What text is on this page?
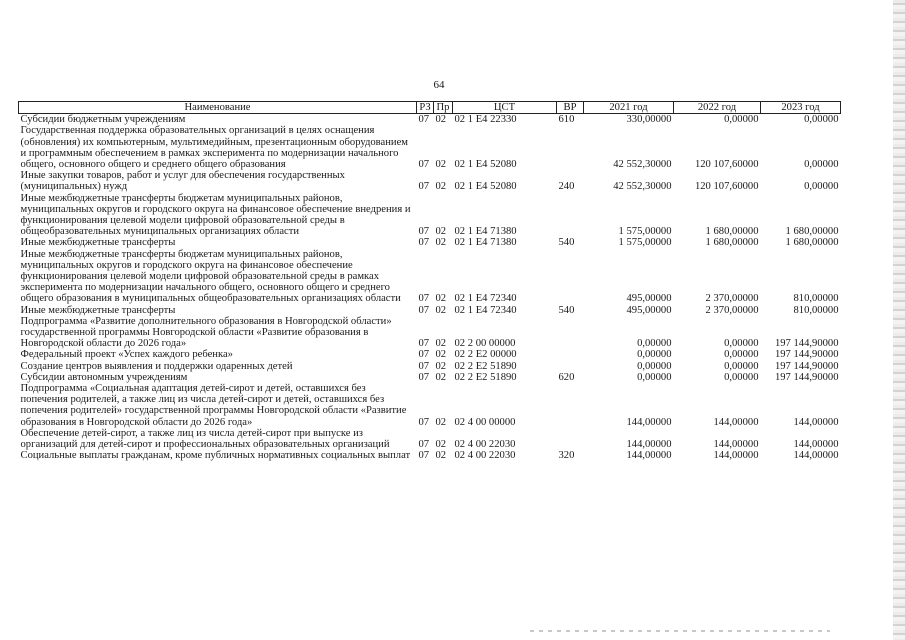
64
Наименование	РЗ	Пр	ЦСТ	ВР	2021 год	2022 год	2023 год
Субсидии бюджетным учреждениям	07	02	02 1 Е4 22330	610	330,00000	0,00000	0,00000
Государственная поддержка образовательных организаций в целях оснащения (обновления) их компьютерным, мультимедийным, презентационным оборудованием и программным обеспечением в рамках эксперимента по модернизации начального общего, основного общего и среднего общего образования	07	02	02 1 Е4 52080		42 552,30000	120 107,60000	0,00000
Иные закупки товаров, работ и услуг для обеспечения государственных (муниципальных) нужд	07	02	02 1 Е4 52080	240	42 552,30000	120 107,60000	0,00000
Иные межбюджетные трансферты бюджетам муниципальных районов, муниципальных округов и городского округа на финансовое обеспечение внедрения и функционирования целевой модели цифровой образовательной среды в общеобразовательных муниципальных организациях области	07	02	02 1 Е4 71380		1 575,00000	1 680,00000	1 680,00000
Иные межбюджетные трансферты	07	02	02 1 Е4 71380	540	1 575,00000	1 680,00000	1 680,00000
Иные межбюджетные трансферты бюджетам муниципальных районов, муниципальных округов и городского округа на финансовое обеспечение функционирования целевой модели цифровой образовательной среды в рамках эксперимента по модернизации начального общего, основного общего и среднего общего образования в муниципальных общеобразовательных организациях области	07	02	02 1 Е4 72340		495,00000	2 370,00000	810,00000
Иные межбюджетные трансферты	07	02	02 1 Е4 72340	540	495,00000	2 370,00000	810,00000
Подпрограмма «Развитие дополнительного образования в Новгородской области» государственной программы Новгородской области «Развитие образования в Новгородской области до 2026 года»	07	02	02 2 00 00000		0,00000	0,00000	197 144,90000
Федеральный проект «Успех каждого ребенка»	07	02	02 2 Е2 00000		0,00000	0,00000	197 144,90000
Создание центров выявления и поддержки одаренных детей	07	02	02 2 Е2 51890		0,00000	0,00000	197 144,90000
Субсидии автономным учреждениям	07	02	02 2 Е2 51890	620	0,00000	0,00000	197 144,90000
Подпрограмма «Социальная адаптация детей-сирот и детей, оставшихся без попечения родителей, а также лиц из числа детей-сирот и детей, оставшихся без попечения родителей» государственной программы Новгородской области «Развитие образования в Новгородской области до 2026 года»	07	02	02 4 00 00000		144,00000	144,00000	144,00000
Обеспечение детей-сирот, а также лиц из числа детей-сирот при выпуске из организаций для детей-сирот и профессиональных образовательных организаций	07	02	02 4 00 22030		144,00000	144,00000	144,00000
Социальные выплаты гражданам, кроме публичных нормативных социальных выплат	07	02	02 4 00 22030	320	144,00000	144,00000	144,00000
